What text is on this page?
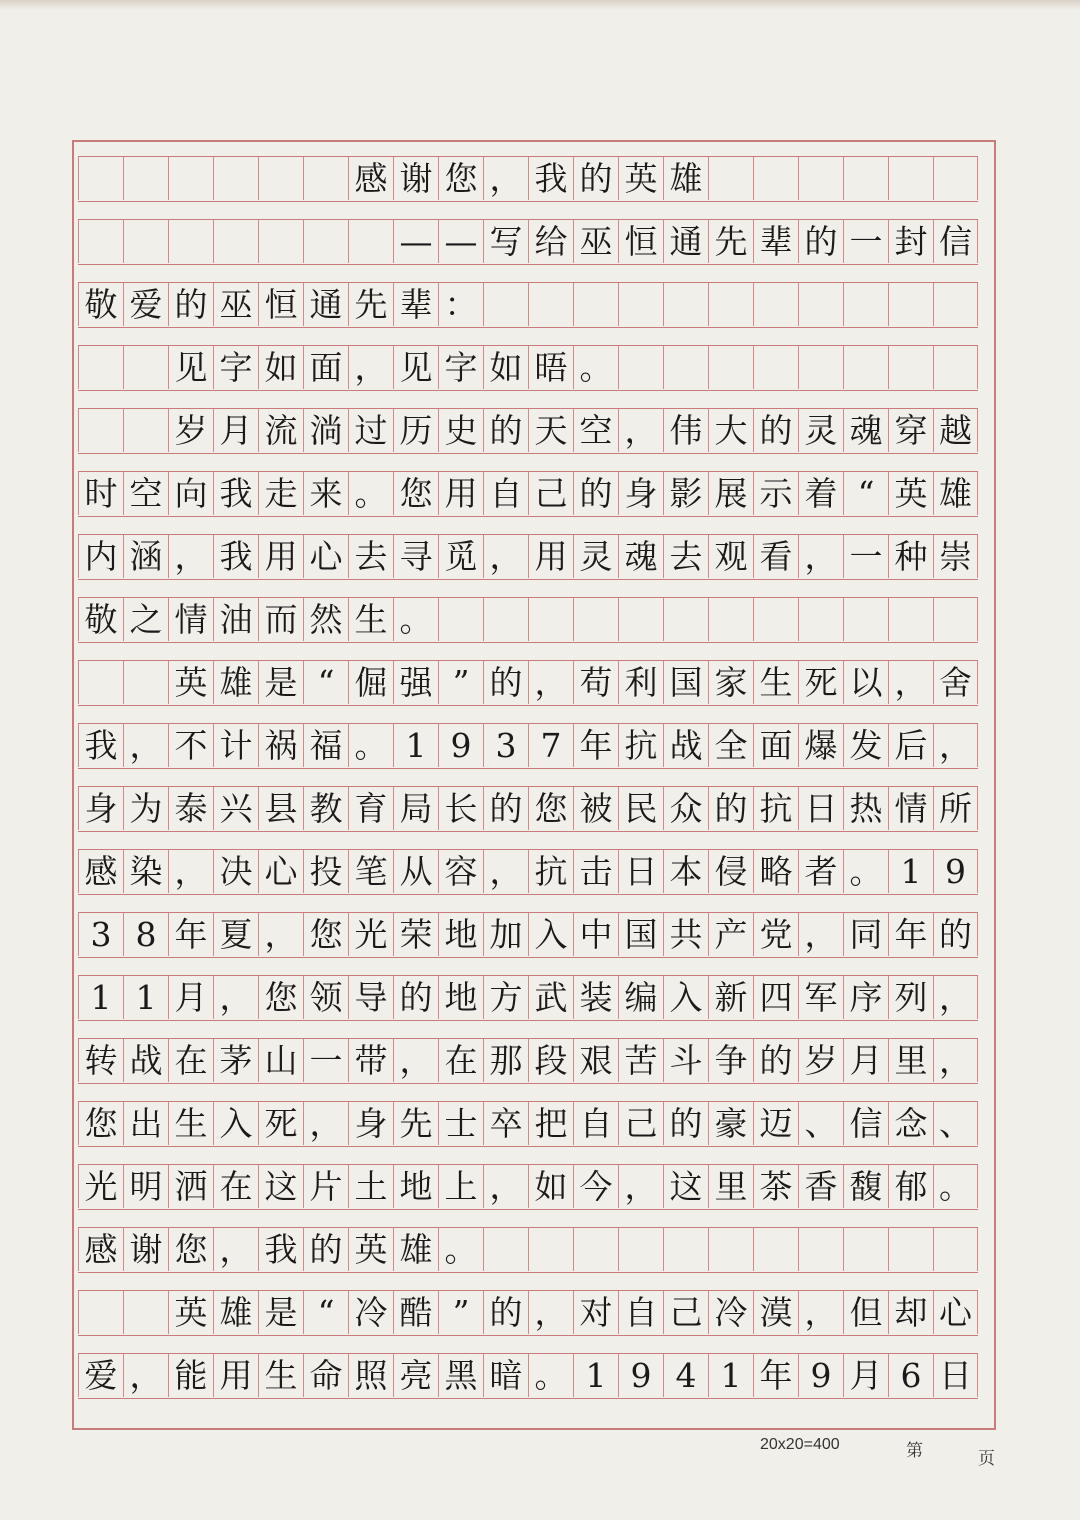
感 谢 您 ， 我 的 英 雄
— — 写 给 巫 恒 通 先 辈 的 一 封 信
敬 爱 的 巫 恒 通 先 辈 ：
见 字 如 面 ， 见 字 如 晤 。
岁 月 流 淌 过 历 史 的 天 空 ， 伟 大 的 灵 魂 穿 越
时 空 向 我 走 来 。 您 用 自 己 的 身 影 展 示 着 “ 英 雄
内 涵 ， 我 用 心 去 寻 觅 ， 用 灵 魂 去 观 看 ， 一 种 崇
敬 之 情 油 而 然 生 。
英 雄 是 “ 倔 强 ” 的 ， 苟 利 国 家 生 死 以 ， 舍
我 ， 不 计 祸 福 。 1 9 3 7 年 抗 战 全 面 爆 发 后 ，
身 为 泰 兴 县 教 育 局 长 的 您 被 民 众 的 抗 日 热 情 所
感 染 ， 决 心 投 笔 从 容 ， 抗 击 日 本 侵 略 者 。 1 9
3 8 年 夏 ， 您 光 荣 地 加 入 中 国 共 产 党 ， 同 年 的
1 1 月 ， 您 领 导 的 地 方 武 装 编 入 新 四 军 序 列 ，
转 战 在 茅 山 一 带 ， 在 那 段 艰 苦 斗 争 的 岁 月 里 ，
您 出 生 入 死 ， 身 先 士 卒 把 自 己 的 豪 迈 、 信 念 、
光 明 洒 在 这 片 土 地 上 ， 如 今 ， 这 里 茶 香 馥 郁 。
感 谢 您 ， 我 的 英 雄 。
英 雄 是 “ 冷 酷 ” 的 ， 对 自 己 冷 漠 ， 但 却 心
爱 ， 能 用 生 命 照 亮 黑 暗 。 1 9 4 1 年 9 月 6 日
20x20=400	第	页
